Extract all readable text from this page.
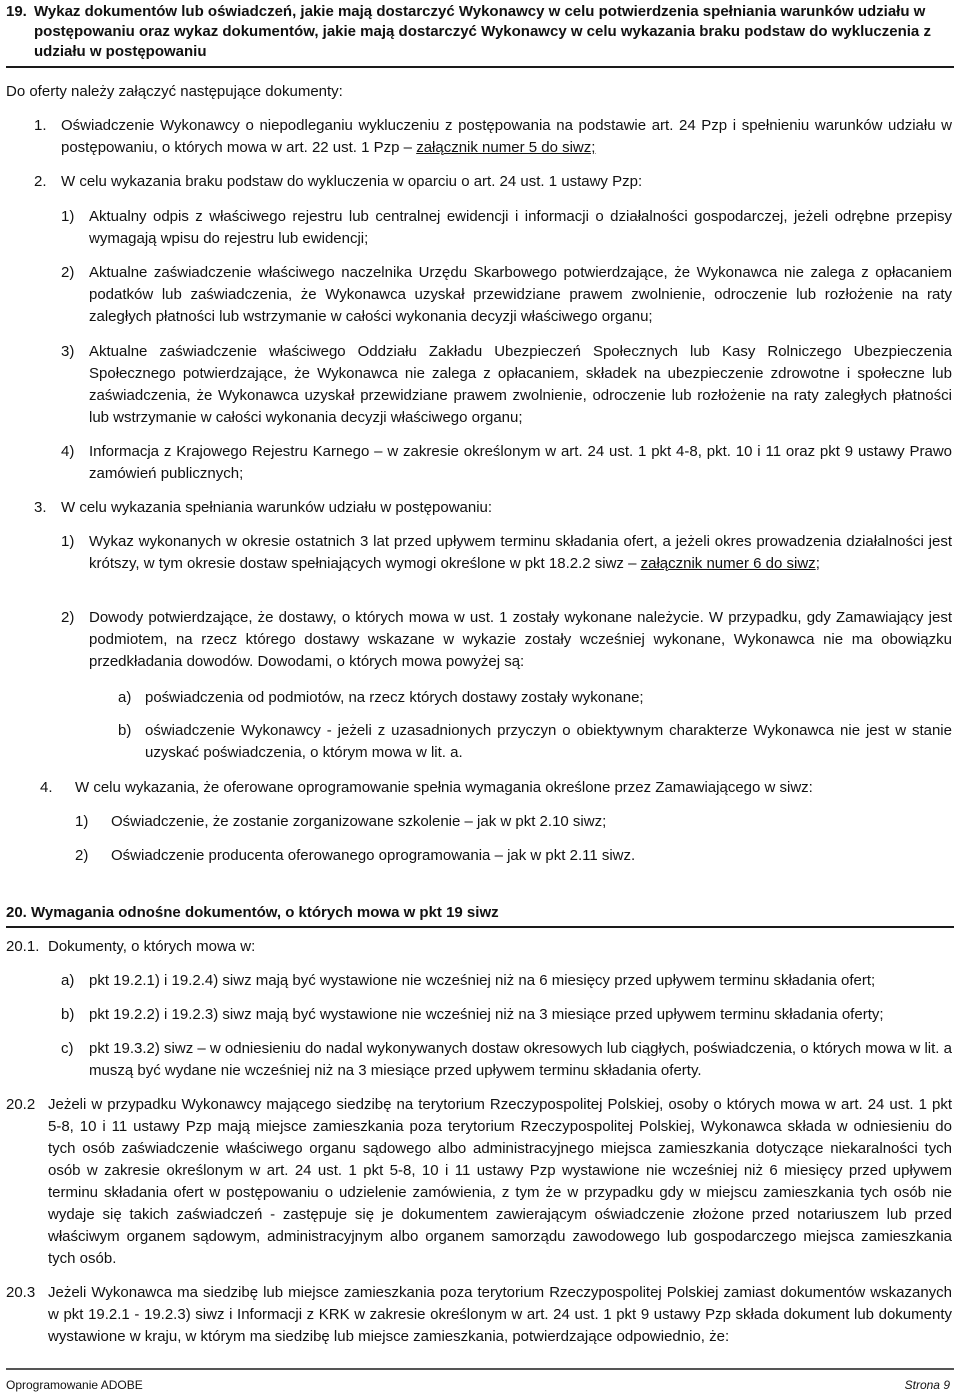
19. Wykaz dokumentów lub oświadczeń, jakie mają dostarczyć Wykonawcy w celu potwierdzenia spełniania warunków udziału w postępowaniu oraz wykaz dokumentów, jakie mają dostarczyć Wykonawcy w celu wykazania braku podstaw do wykluczenia z udziału w postępowaniu
Do oferty należy załączyć następujące dokumenty:
1. Oświadczenie Wykonawcy o niepodleganiu wykluczeniu z postępowania na podstawie art. 24 Pzp i spełnieniu warunków udziału w postępowaniu, o których mowa w art. 22 ust. 1 Pzp – załącznik numer 5 do siwz;
2. W celu wykazania braku podstaw do wykluczenia w oparciu o art. 24 ust. 1 ustawy Pzp:
1) Aktualny odpis z właściwego rejestru lub centralnej ewidencji i informacji o działalności gospodarczej, jeżeli odrębne przepisy wymagają wpisu do rejestru lub ewidencji;
2) Aktualne zaświadczenie właściwego naczelnika Urzędu Skarbowego potwierdzające, że Wykonawca nie zalega z opłacaniem podatków lub zaświadczenia, że Wykonawca uzyskał przewidziane prawem zwolnienie, odroczenie lub rozłożenie na raty zaległych płatności lub wstrzymanie w całości wykonania decyzji właściwego organu;
3) Aktualne zaświadczenie właściwego Oddziału Zakładu Ubezpieczeń Społecznych lub Kasy Rolniczego Ubezpieczenia Społecznego potwierdzające, że Wykonawca nie zalega z opłacaniem, składek na ubezpieczenie zdrowotne i społeczne lub zaświadczenia, że Wykonawca uzyskał przewidziane prawem zwolnienie, odroczenie lub rozłożenie na raty zaległych płatności lub wstrzymanie w całości wykonania decyzji właściwego organu;
4) Informacja z Krajowego Rejestru Karnego – w zakresie określonym w art. 24 ust. 1 pkt 4-8, pkt. 10 i 11 oraz pkt 9 ustawy Prawo zamówień publicznych;
3. W celu wykazania spełniania warunków udziału w postępowaniu:
1) Wykaz wykonanych w okresie ostatnich 3 lat przed upływem terminu składania ofert, a jeżeli okres prowadzenia działalności jest krótszy, w tym okresie dostaw spełniających wymogi określone w pkt 18.2.2 siwz – załącznik numer 6 do siwz;
2) Dowody potwierdzające, że dostawy, o których mowa w ust. 1 zostały wykonane należycie. W przypadku, gdy Zamawiający jest podmiotem, na rzecz którego dostawy wskazane w wykazie zostały wcześniej wykonane, Wykonawca nie ma obowiązku przedkładania dowodów. Dowodami, o których mowa powyżej są:
a) poświadczenia od podmiotów, na rzecz których dostawy zostały wykonane;
b) oświadczenie Wykonawcy - jeżeli z uzasadnionych przyczyn o obiektywnym charakterze Wykonawca nie jest w stanie uzyskać poświadczenia, o którym mowa w lit. a.
4. W celu wykazania, że oferowane oprogramowanie spełnia wymagania określone przez Zamawiającego w siwz:
1) Oświadczenie, że zostanie zorganizowane szkolenie – jak w pkt 2.10 siwz;
2) Oświadczenie producenta oferowanego oprogramowania – jak w pkt 2.11 siwz.
20. Wymagania odnośne dokumentów, o których mowa w pkt 19 siwz
20.1. Dokumenty, o których mowa w:
a) pkt 19.2.1) i 19.2.4) siwz mają być wystawione nie wcześniej niż na 6 miesięcy przed upływem terminu składania ofert;
b) pkt 19.2.2) i 19.2.3) siwz mają być wystawione nie wcześniej niż na 3 miesiące przed upływem terminu składania oferty;
c) pkt 19.3.2) siwz – w odniesieniu do nadal wykonywanych dostaw okresowych lub ciągłych, poświadczenia, o których mowa w lit. a muszą być wydane nie wcześniej niż na 3 miesiące przed upływem terminu składania oferty.
20.2 Jeżeli w przypadku Wykonawcy mającego siedzibę na terytorium Rzeczypospolitej Polskiej, osoby o których mowa w art. 24 ust. 1 pkt 5-8, 10 i 11 ustawy Pzp mają miejsce zamieszkania poza terytorium Rzeczypospolitej Polskiej, Wykonawca składa w odniesieniu do tych osób zaświadczenie właściwego organu sądowego albo administracyjnego miejsca zamieszkania dotyczące niekaralności tych osób w zakresie określonym w art. 24 ust. 1 pkt 5-8, 10 i 11 ustawy Pzp wystawione nie wcześniej niż 6 miesięcy przed upływem terminu składania ofert w postępowaniu o udzielenie zamówienia, z tym że w przypadku gdy w miejscu zamieszkania tych osób nie wydaje się takich zaświadczeń - zastępuje się je dokumentem zawierającym oświadczenie złożone przed notariuszem lub przed właściwym organem sądowym, administracyjnym albo organem samorządu zawodowego lub gospodarczego miejsca zamieszkania tych osób.
20.3 Jeżeli Wykonawca ma siedzibę lub miejsce zamieszkania poza terytorium Rzeczypospolitej Polskiej zamiast dokumentów wskazanych w pkt 19.2.1 - 19.2.3) siwz i Informacji z KRK w zakresie określonym w art. 24 ust. 1 pkt 9 ustawy Pzp składa dokument lub dokumenty wystawione w kraju, w którym ma siedzibę lub miejsce zamieszkania, potwierdzające odpowiednio, że:
Oprogramowanie ADOBE	Strona 9
